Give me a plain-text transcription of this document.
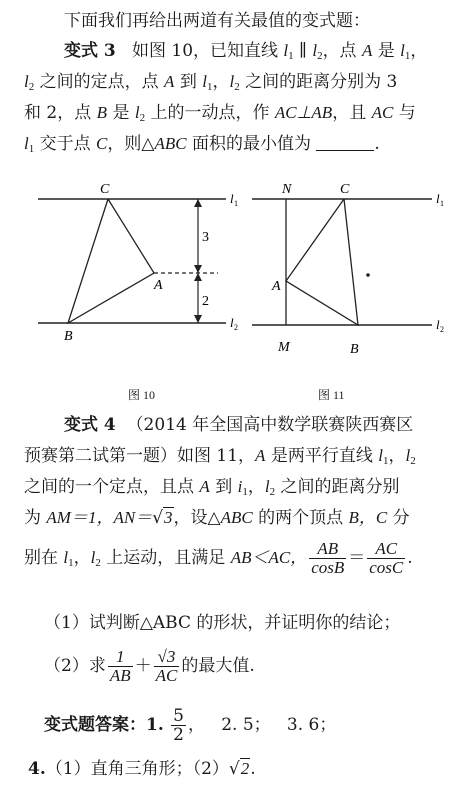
下面我们再给出两道有关最值的变式题：
变式 3 如图 10，已知直线 $l_1$ ∥ $l_2$，点 A 是 $l_1$，
$l_2$ 之间的定点，点 A 到 $l_1$，$l_2$ 之间的距离分别为 3
和 2，点 B 是 $l_2$ 上的一动点，作 AC⊥AB，且 AC 与
$l_1$ 交于点 C，则△ABC 面积的最小值为	.
C
A
B
3
2
l 1
l 2
图 10
N	C
A
M	B
l 1
l 2
图 11
变式 4 （2014 年全国高中数学联赛陕西赛区
预赛第二试第一题）如图 11，A 是两平行直线 $l_1$，$l_2$
之间的一个定点，且点 A 到 $i_1$，$l_2$ 之间的距离分别
为 AM＝1，AN＝√3，设△ABC 的两个顶点 B，C 分
别在 $l_1$，$l_2$ 上运动，且满足 AB＜AC， $\frac{AB}{\cos B} = \frac{AC}{\cos C}$ .
（1）试判断△ABC 的形状，并证明你的结论；
（2）求 $\frac{1}{AB} + \frac{√3}{AC}$ 的最大值.
变式题答案：1. $\frac{5}{2}$ ， 2. 5； 3. 6；
4.（1）直角三角形；（2）√2.
